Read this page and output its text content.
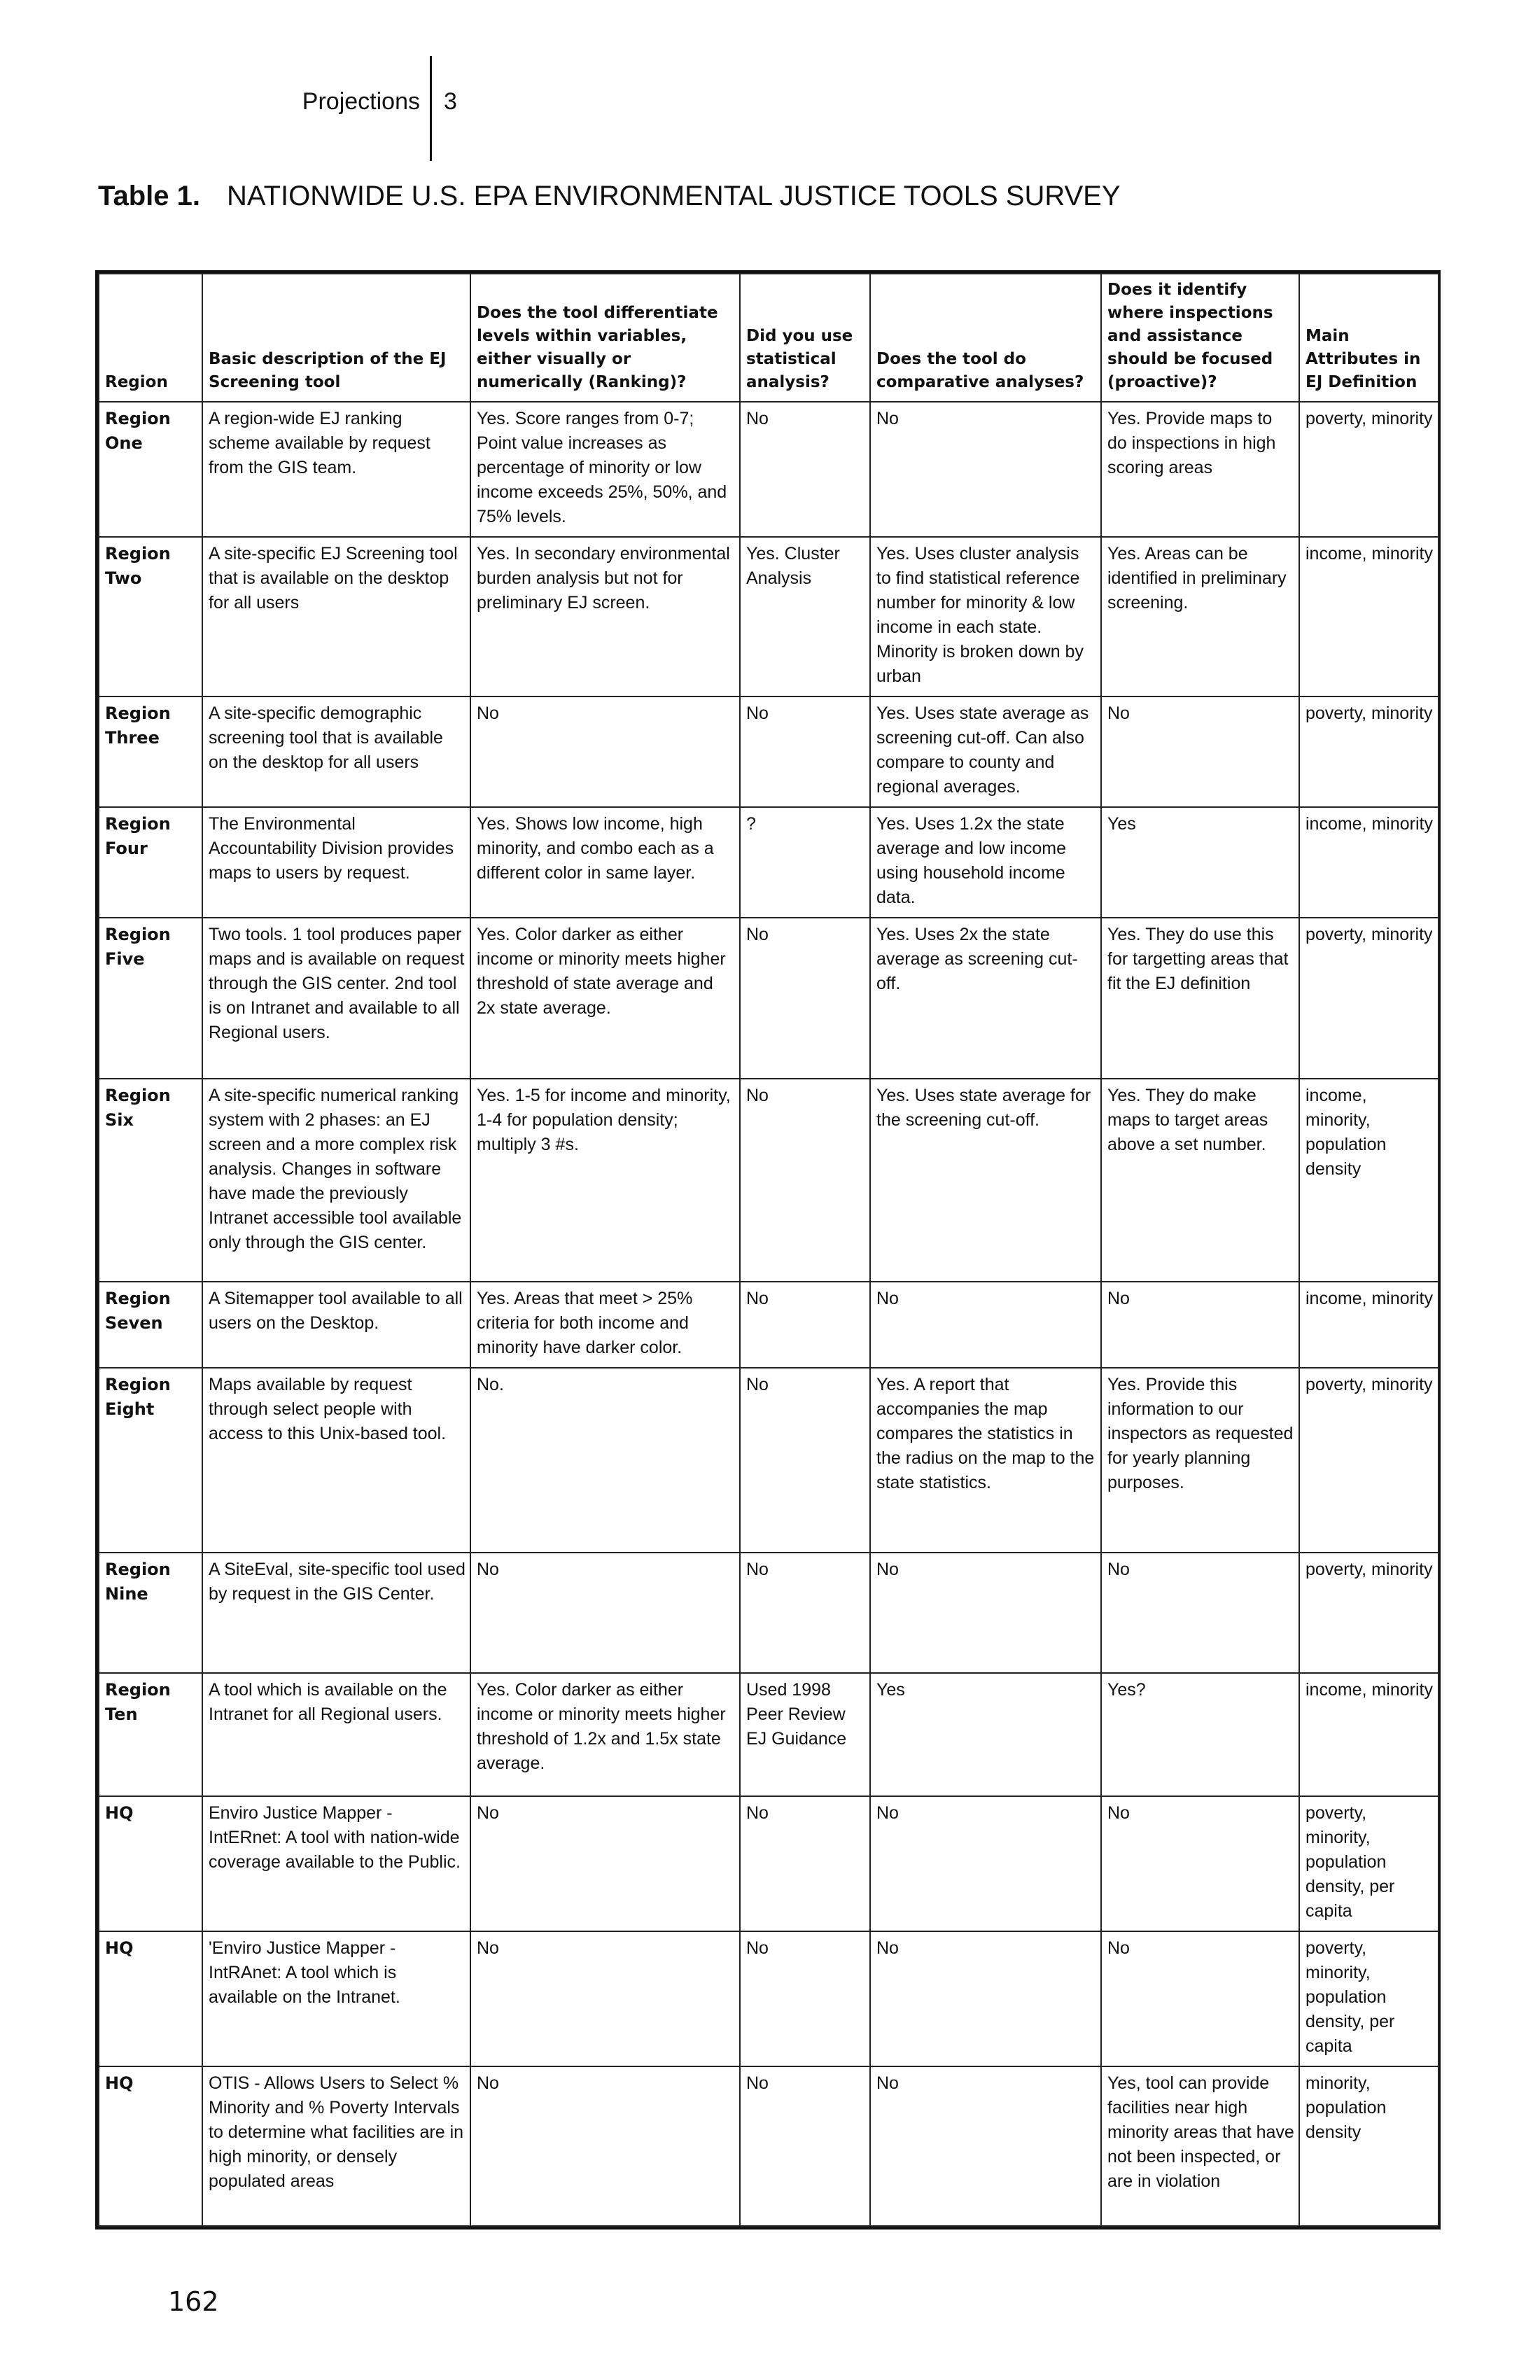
Projections 3
Table 1. NATIONWIDE U.S. EPA ENVIRONMENTAL JUSTICE TOOLS SURVEY
Region	Basic description of the EJ Screening tool	Does the tool differentiate levels within variables, either visually or numerically (Ranking)?	Did you use statistical analysis?	Does the tool do comparative analyses?	Does it identify where inspections and assistance should be focused (proactive)?	Main Attributes in EJ Definition
Region One	A region-wide EJ ranking scheme available by request from the GIS team.	Yes. Score ranges from 0-7; Point value increases as percentage of minority or low income exceeds 25%, 50%, and 75% levels.	No	No	Yes. Provide maps to do inspections in high scoring areas	poverty, minority
Region Two	A site-specific EJ Screening tool that is available on the desktop for all users	Yes. In secondary environmental burden analysis but not for preliminary EJ screen.	Yes. Cluster Analysis	Yes. Uses cluster analysis to find statistical reference number for minority & low income in each state. Minority is broken down by urban	Yes. Areas can be identified in preliminary screening.	income, minority
Region Three	A site-specific demographic screening tool that is available on the desktop for all users	No	No	Yes. Uses state average as screening cut-off. Can also compare to county and regional averages.	No	poverty, minority
Region Four	The Environmental Accountability Division provides maps to users by request.	Yes. Shows low income, high minority, and combo each as a different color in same layer.	?	Yes. Uses 1.2x the state average and low income using household income data.	Yes	income, minority
Region Five	Two tools. 1 tool produces paper maps and is available on request through the GIS center. 2nd tool is on Intranet and available to all Regional users.	Yes. Color darker as either income or minority meets higher threshold of state average and 2x state average.	No	Yes. Uses 2x the state average as screening cut-off.	Yes. They do use this for targetting areas that fit the EJ definition	poverty, minority
Region Six	A site-specific numerical ranking system with 2 phases: an EJ screen and a more complex risk analysis. Changes in software have made the previously Intranet accessible tool available only through the GIS center.	Yes. 1-5 for income and minority, 1-4 for population density; multiply 3 #s.	No	Yes. Uses state average for the screening cut-off.	Yes. They do make maps to target areas above a set number.	income, minority, population density
Region Seven	A Sitemapper tool available to all users on the Desktop.	Yes. Areas that meet > 25% criteria for both income and minority have darker color.	No	No	No	income, minority
Region Eight	Maps available by request through select people with access to this Unix-based tool.	No.	No	Yes. A report that accompanies the map compares the statistics in the radius on the map to the state statistics.	Yes. Provide this information to our inspectors as requested for yearly planning purposes.	poverty, minority
Region Nine	A SiteEval, site-specific tool used by request in the GIS Center.	No	No	No	No	poverty, minority
Region Ten	A tool which is available on the Intranet for all Regional users.	Yes. Color darker as either income or minority meets higher threshold of 1.2x and 1.5x state average.	Used 1998 Peer Review EJ Guidance	Yes	Yes?	income, minority
HQ	Enviro Justice Mapper - IntERnet: A tool with nation-wide coverage available to the Public.	No	No	No	No	poverty, minority, population density, per capita
HQ	'Enviro Justice Mapper - IntRAnet: A tool which is available on the Intranet.	No	No	No	No	poverty, minority, population density, per capita
HQ	OTIS - Allows Users to Select % Minority and % Poverty Intervals to determine what facilities are in high minority, or densely populated areas	No	No	No	Yes, tool can provide facilities near high minority areas that have not been inspected, or are in violation	minority, population density
162
